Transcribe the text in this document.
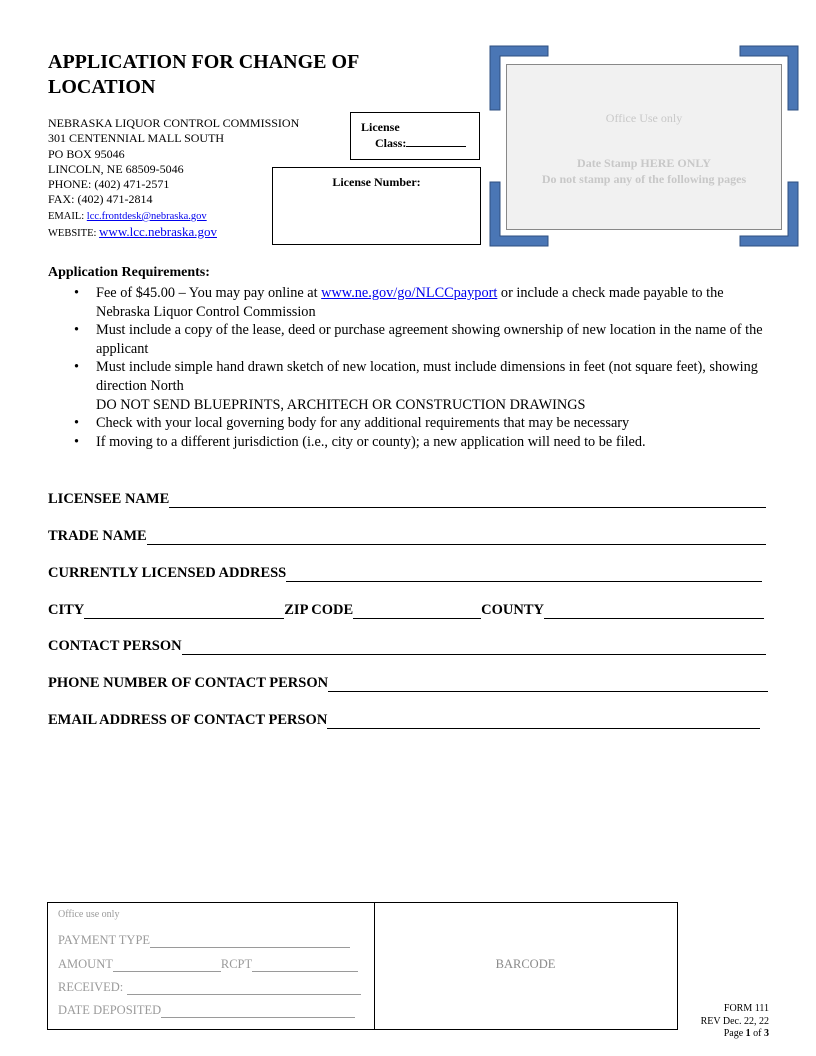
APPLICATION FOR CHANGE OF LOCATION
NEBRASKA LIQUOR CONTROL COMMISSION
301 CENTENNIAL MALL SOUTH
PO BOX 95046
LINCOLN, NE 68509-5046
PHONE: (402) 471-2571
FAX: (402) 471-2814
EMAIL: lcc.frontdesk@nebraska.gov
WEBSITE: www.lcc.nebraska.gov
License
Class:
License Number:
Office Use only
Date Stamp HERE ONLY
Do not stamp any of the following pages
Application Requirements:
• Fee of $45.00 – You may pay online at www.ne.gov/go/NLCCpayport or include a check made payable to the Nebraska Liquor Control Commission
• Must include a copy of the lease, deed or purchase agreement showing ownership of new location in the name of the applicant
• Must include simple hand drawn sketch of new location, must include dimensions in feet (not square feet), showing direction North
DO NOT SEND BLUEPRINTS, ARCHITECH OR CONSTRUCTION DRAWINGS
• Check with your local governing body for any additional requirements that may be necessary
• If moving to a different jurisdiction (i.e., city or county); a new application will need to be filed.
LICENSEE NAME
TRADE NAME
CURRENTLY LICENSED ADDRESS
CITY	ZIP CODE	COUNTY
CONTACT PERSON
PHONE NUMBER OF CONTACT PERSON
EMAIL ADDRESS OF CONTACT PERSON
Office use only
PAYMENT TYPE
AMOUNT	RCPT
RECEIVED:
DATE DEPOSITED
BARCODE
FORM 111
REV Dec. 22, 22
Page 1 of 3
